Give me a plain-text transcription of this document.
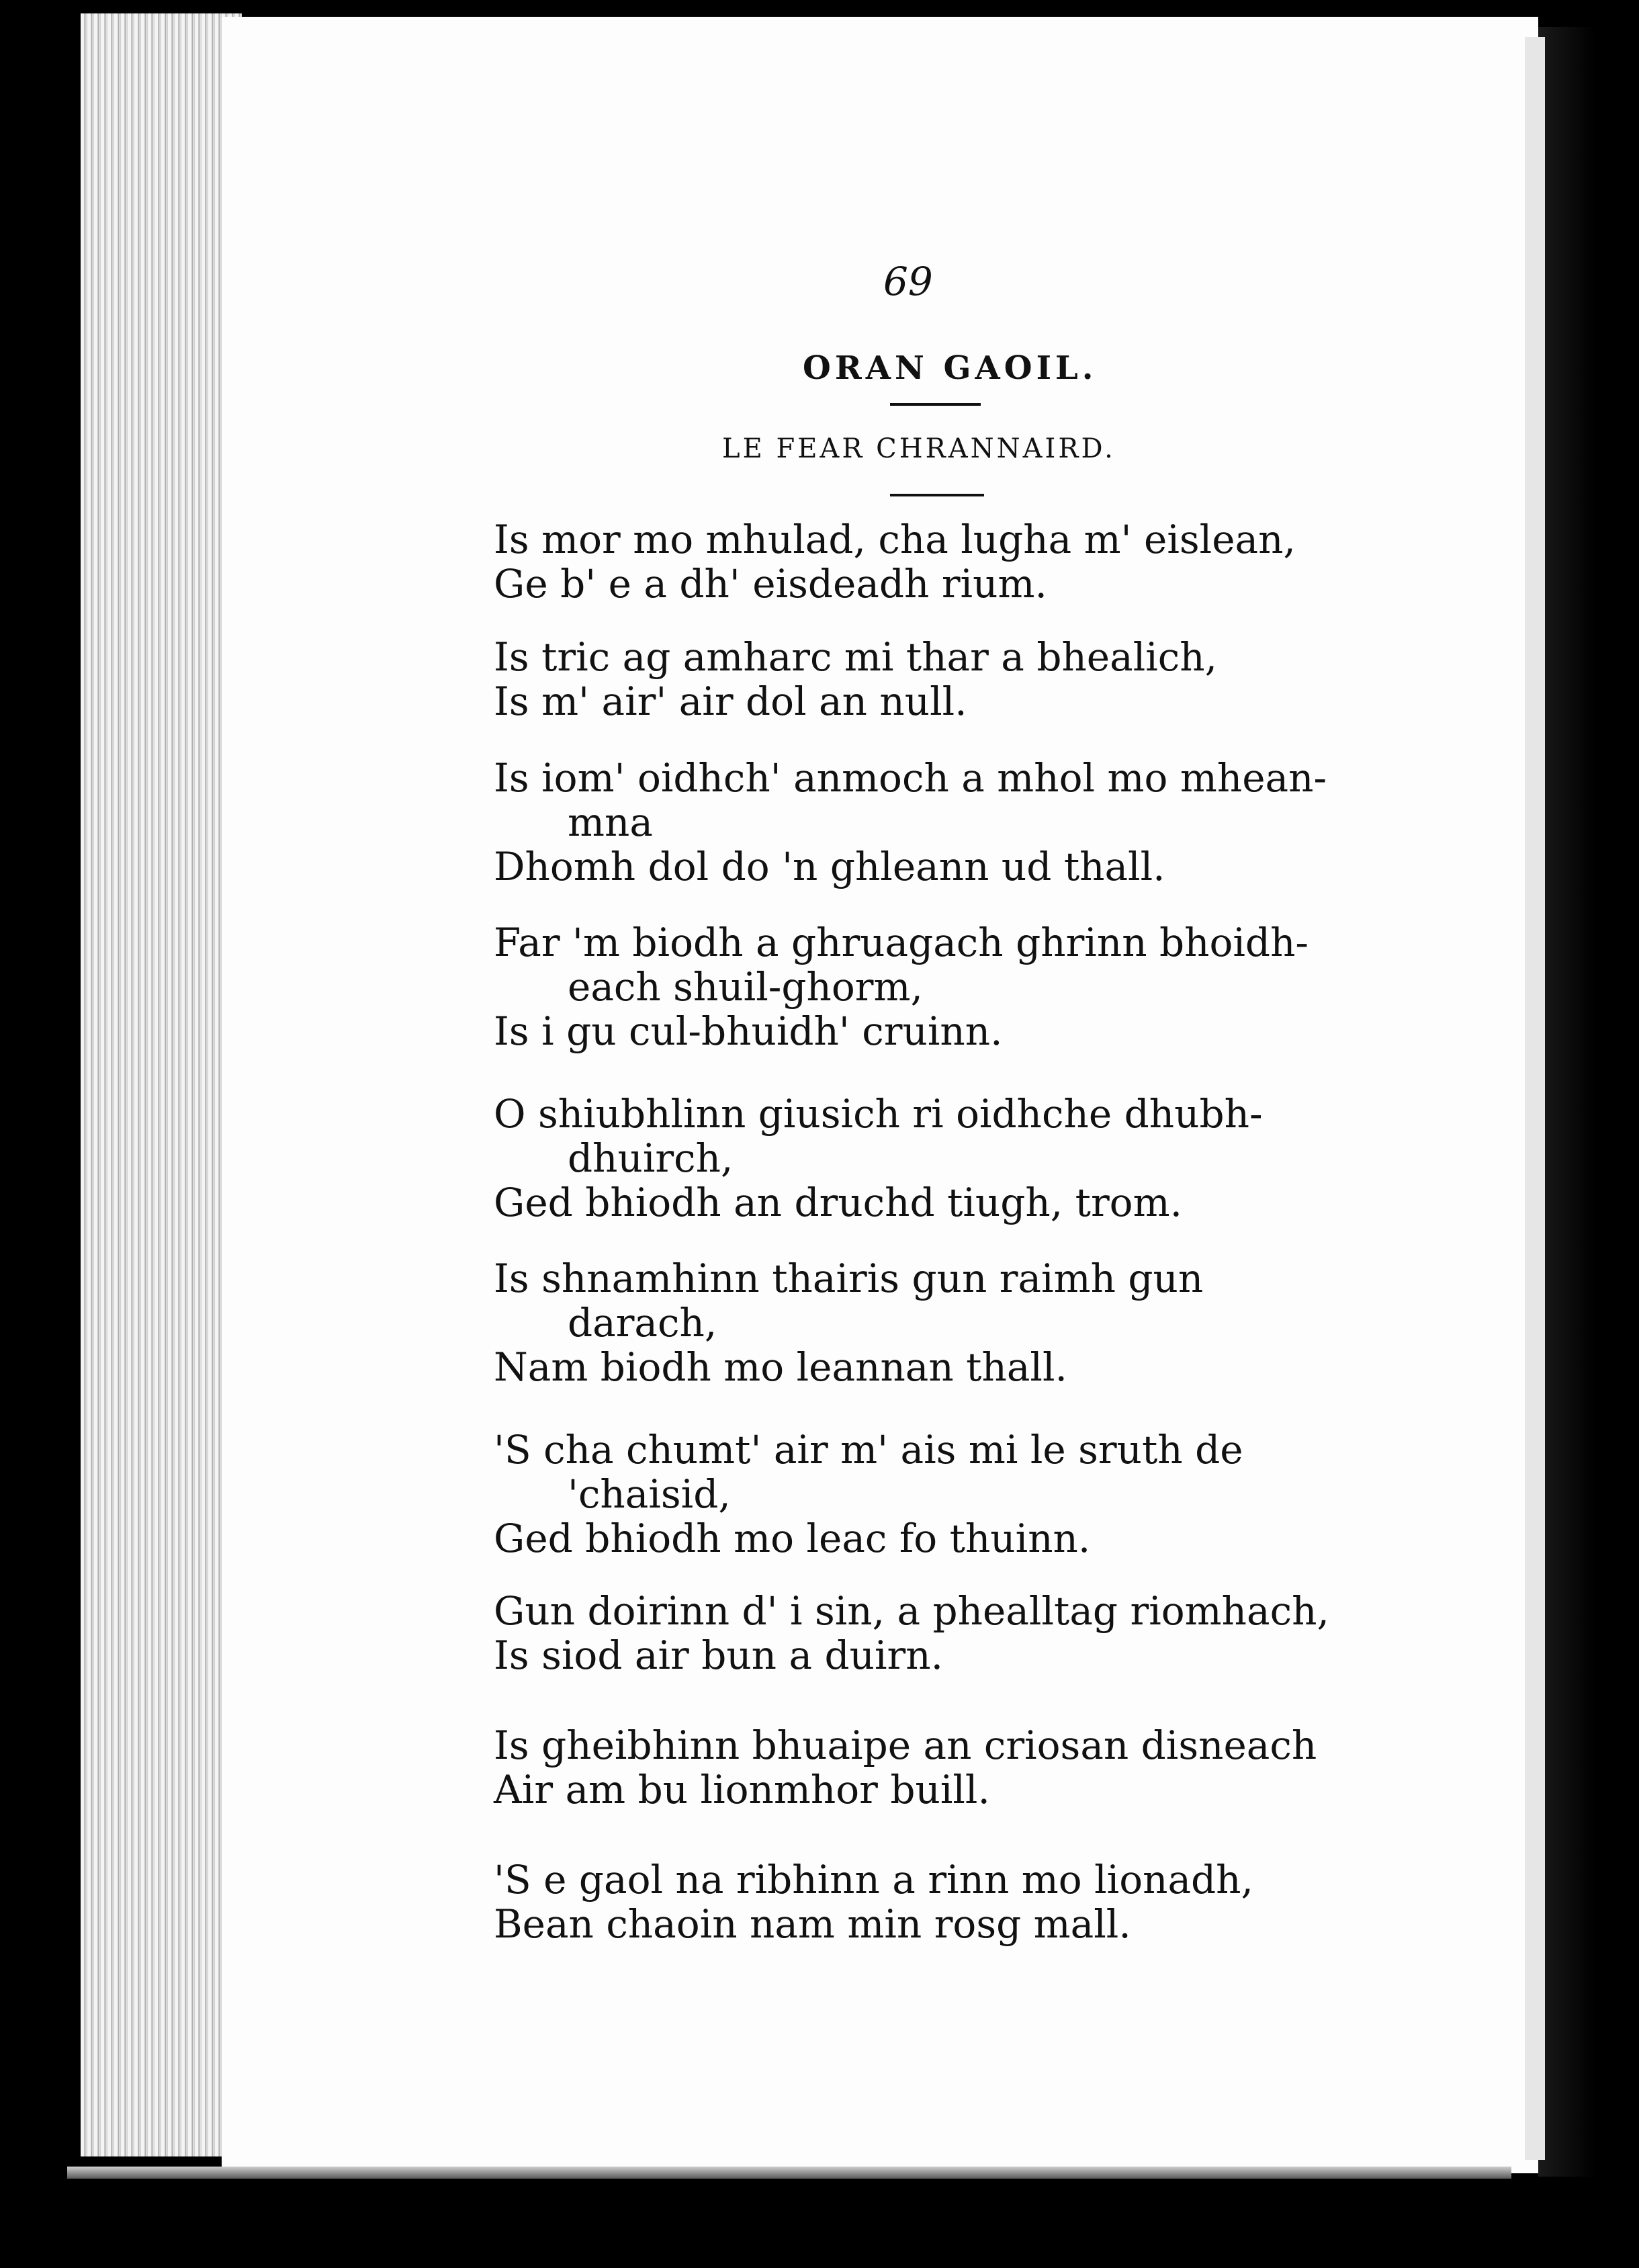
69
ORAN GAOIL.
LE FEAR CHRANNAIRD.
Is mor mo mhulad, cha lugha m' eislean,
Ge b' e a dh' eisdeadh rium.
Is tric ag amharc mi thar a bhealich,
Is m' air' air dol an null.
Is iom' oidhch' anmoch a mhol mo mhean-
mna
Dhomh dol do 'n ghleann ud thall.
Far 'm biodh a ghruagach ghrinn bhoidh-
each shuil-ghorm,
Is i gu cul-bhuidh' cruinn.
O shiubhlinn giusich ri oidhche dhubh-
dhuirch,
Ged bhiodh an druchd tiugh, trom.
Is shnamhinn thairis gun raimh gun
darach,
Nam biodh mo leannan thall.
'S cha chumt' air m' ais mi le sruth de
'chaisid,
Ged bhiodh mo leac fo thuinn.
Gun doirinn d' i sin, a phealltag riomhach,
Is siod air bun a duirn.
Is gheibhinn bhuaipe an criosan disneach
Air am bu lionmhor buill.
'S e gaol na ribhinn a rinn mo lionadh,
Bean chaoin nam min rosg mall.
